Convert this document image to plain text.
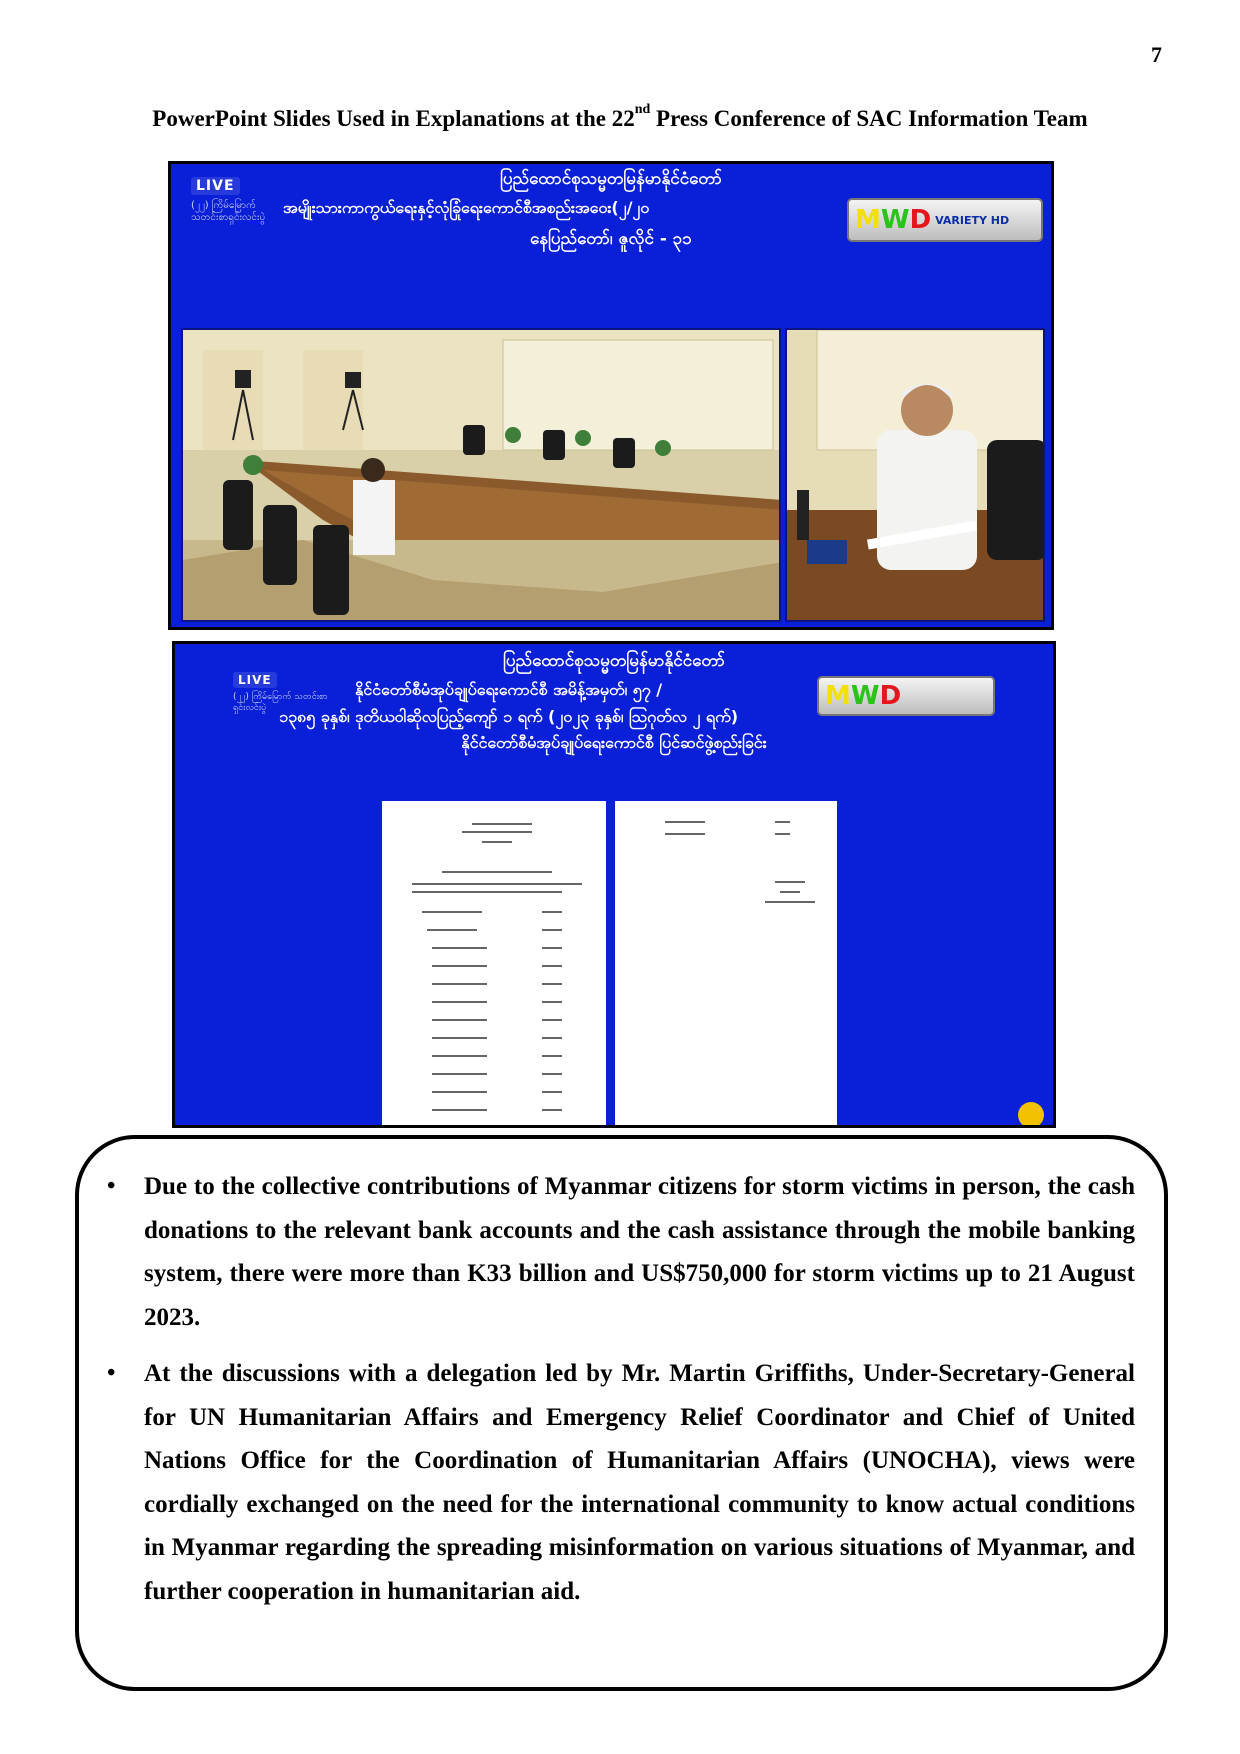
7
PowerPoint Slides Used in Explanations at the 22nd Press Conference of SAC Information Team
ပြည်ထောင်စုသမ္မတမြန်မာနိုင်ငံတော်
အမျိုးသားကာကွယ်ရေးနှင့်လုံခြုံရေးကောင်စီအစည်းအဝေး(၂/၂၀
နေပြည်တော်၊ ဇူလိုင် - ၃၁
LIVE
(၂၂) ကြိမ်မြောက် သတင်းစာရှင်းလင်းပွဲ	M W D VARIETY HD
ပြည်ထောင်စုသမ္မတမြန်မာနိုင်ငံတော်
နိုင်ငံတော်စီမံအုပ်ချုပ်ရေးကောင်စီ အမိန့်အမှတ်၊ ၅၇ /
၁၃၈၅ ခုနှစ်၊ ဒုတိယဝါဆိုလပြည့်ကျော် ၁ ရက် (၂၀၂၃ ခုနှစ်၊ ဩဂုတ်လ ၂ ရက်)
နိုင်ငံတော်စီမံအုပ်ချုပ်ရေးကောင်စီ ပြင်ဆင်ဖွဲ့စည်းခြင်း
LIVE
(၂၂) ကြိမ်မြောက် သတင်းစာရှင်းလင်းပွဲ	M W D
• Due to the collective contributions of Myanmar citizens for storm victims in person, the cash donations to the relevant bank accounts and the cash assistance through the mobile banking system, there were more than K33 billion and US$750,000 for storm victims up to 21 August 2023.
• At the discussions with a delegation led by Mr. Martin Griffiths, Under-Secretary-General for UN Humanitarian Affairs and Emergency Relief Coordinator and Chief of United Nations Office for the Coordination of Humanitarian Affairs (UNOCHA), views were cordially exchanged on the need for the international community to know actual conditions in Myanmar regarding the spreading misinformation on various situations of Myanmar, and further cooperation in humanitarian aid.
